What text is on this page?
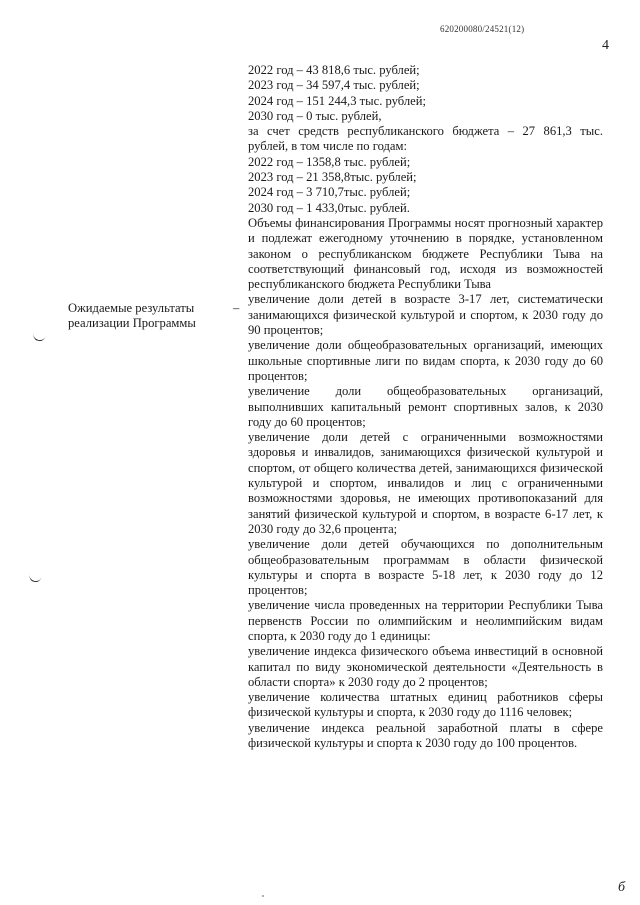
620200080/24521(12)
4
2022 год – 43 818,6 тыс. рублей;
2023 год – 34 597,4 тыс. рублей;
2024 год – 151 244,3 тыс. рублей;
2030 год – 0 тыс. рублей,

за счет средств республиканского бюджета – 27 861,3 тыс. рублей, в том числе по годам:

2022 год – 1358,8 тыс. рублей;
2023 год – 21 358,8тыс. рублей;
2024 год – 3 710,7тыс. рублей;
2030 год – 1 433,0тыс. рублей.

Объемы финансирования Программы носят прогнозный характер и подлежат ежегодному уточнению в порядке, установленном законом о республиканском бюджете Республики Тыва на соответствующий финансовый год, исходя из возможностей республиканского бюджета Республики Тыва

увеличение доли детей в возрасте 3-17 лет, систематически занимающихся физической культурой и спортом, к 2030 году до 90 процентов;

увеличение доли общеобразовательных организаций, имеющих школьные спортивные лиги по видам спорта, к 2030 году до 60 процентов;

увеличение доли общеобразовательных организаций, выполнивших капитальный ремонт спортивных залов, к 2030 году до 60 процентов;

увеличение доли детей с ограниченными возможностями здоровья и инвалидов, занимающихся физической культурой и спортом, от общего количества детей, занимающихся физической культурой и спортом, инвалидов и лиц с ограниченными возможностями здоровья, не имеющих противопоказаний для занятий физической культурой и спортом, в возрасте 6-17 лет, к 2030 году до 32,6 процента;

увеличение доли детей обучающихся по дополнительным общеобразовательным программам в области физической культуры и спорта в возрасте 5-18 лет, к 2030 году до 12 процентов;

увеличение числа проведенных на территории Республики Тыва первенств России по олимпийским и неолимпийским видам спорта, к 2030 году до 1 единицы:

увеличение индекса физического объема инвестиций в основной капитал по виду экономической деятельности «Деятельность в области спорта» к 2030 году до 2 процентов;

увеличение количества штатных единиц работников сферы физической культуры и спорта, к 2030 году до 1116 человек;

увеличение индекса реальной заработной платы в сфере физической культуры и спорта к 2030 году до 100 процентов.

Ожидаемые результаты реализации Программы
–
б
